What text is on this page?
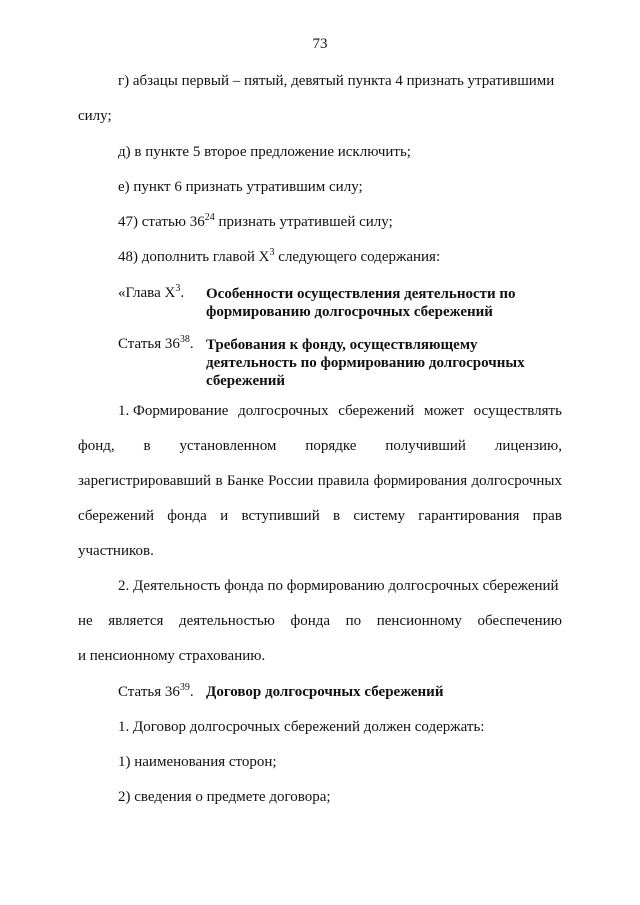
73
г) абзацы первый – пятый, девятый пункта 4 признать утратившими
силу;
д) в пункте 5 второе предложение исключить;
е) пункт 6 признать утратившим силу;
47) статью $36^{24}$ признать утратившей силу;
48) дополнить главой $X^3$ следующего содержания:
«Глава $X^3$. Особенности осуществления деятельности по
формированию долгосрочных сбережений
Статья $36^{38}$. Требования к фонду, осуществляющему
деятельность по формированию долгосрочных
сбережений
1. Формирование долгосрочных сбережений может осуществлять
фонд, в установленном порядке получивший лицензию,
зарегистрировавший в Банке России правила формирования долгосрочных
сбережений фонда и вступивший в систему гарантирования прав
участников.
2. Деятельность фонда по формированию долгосрочных сбережений
не является деятельностью фонда по пенсионному обеспечению
и пенсионному страхованию.
Статья $36^{39}$. Договор долгосрочных сбережений
1. Договор долгосрочных сбережений должен содержать:
1) наименования сторон;
2) сведения о предмете договора;
